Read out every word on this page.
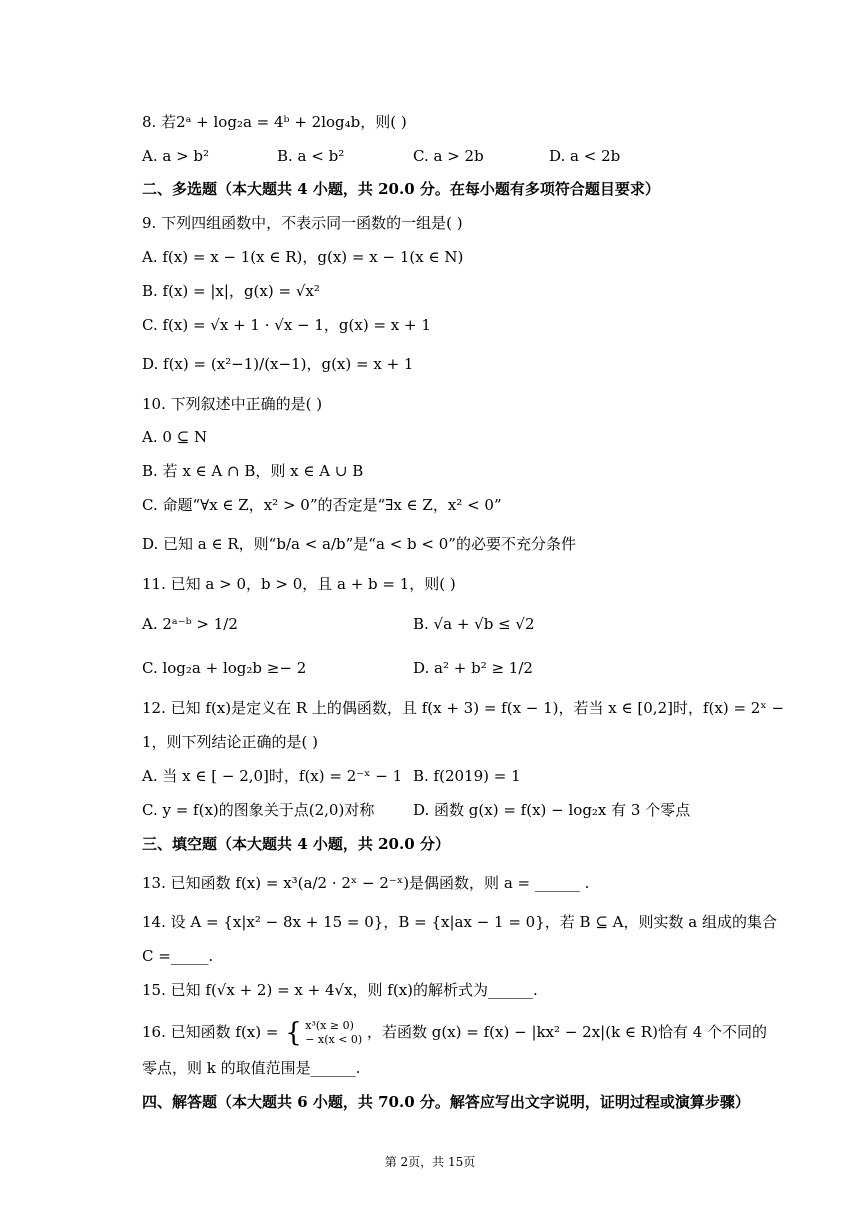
8. 若2ᵃ + log₂a = 4ᵇ + 2log₄b，则( )
A. a > b²	B. a < b²	C. a > 2b	D. a < 2b
二、多选题（本大题共 4 小题，共 20.0 分。在每小题有多项符合题目要求）
9. 下列四组函数中，不表示同一函数的一组是( )
A. f(x) = x − 1(x ∈ R)，g(x) = x − 1(x ∈ N)
B. f(x) = |x|，g(x) = √x²
C. f(x) = √x + 1 · √x − 1，g(x) = x + 1
D. f(x) = (x²−1)/(x−1)，g(x) = x + 1
10. 下列叙述中正确的是( )
A. 0 ⊆ N
B. 若 x ∈ A ∩ B，则 x ∈ A ∪ B
C. 命题“∀x ∈ Z，x² > 0”的否定是“∃x ∈ Z，x² < 0”
D. 已知 a ∈ R，则“b/a < a/b”是“a < b < 0”的必要不充分条件
11. 已知 a > 0，b > 0，且 a + b = 1，则( )
A. 2ᵃ⁻ᵇ > 1/2	B. √a + √b ≤ √2
C. log₂a + log₂b ≥− 2	D. a² + b² ≥ 1/2
12. 已知 f(x)是定义在 R 上的偶函数，且 f(x + 3) = f(x − 1)，若当 x ∈ [0,2]时，f(x) = 2ˣ −
1，则下列结论正确的是( )
A. 当 x ∈ [ − 2,0]时，f(x) = 2⁻ˣ − 1 B. f(2019) = 1
C. y = f(x)的图象关于点(2,0)对称	D. 函数 g(x) = f(x) − log₂x 有 3 个零点
三、填空题（本大题共 4 小题，共 20.0 分）
13. 已知函数 f(x) = x³(a/2 · 2ˣ − 2⁻ˣ)是偶函数，则 a = ______ .
14. 设 A = {x|x² − 8x + 15 = 0}，B = {x|ax − 1 = 0}，若 B ⊆ A，则实数 a 组成的集合
C =_____.
15. 已知 f(√x + 2) = x + 4√x，则 f(x)的解析式为______.
16. 已知函数 f(x) = { x³(x ≥ 0)
− x(x < 0) ，若函数 g(x) = f(x) − |kx² − 2x|(k ∈ R)恰有 4 个不同的
零点，则 k 的取值范围是______.
四、解答题（本大题共 6 小题，共 70.0 分。解答应写出文字说明，证明过程或演算步骤）
第 2页，共 15页
